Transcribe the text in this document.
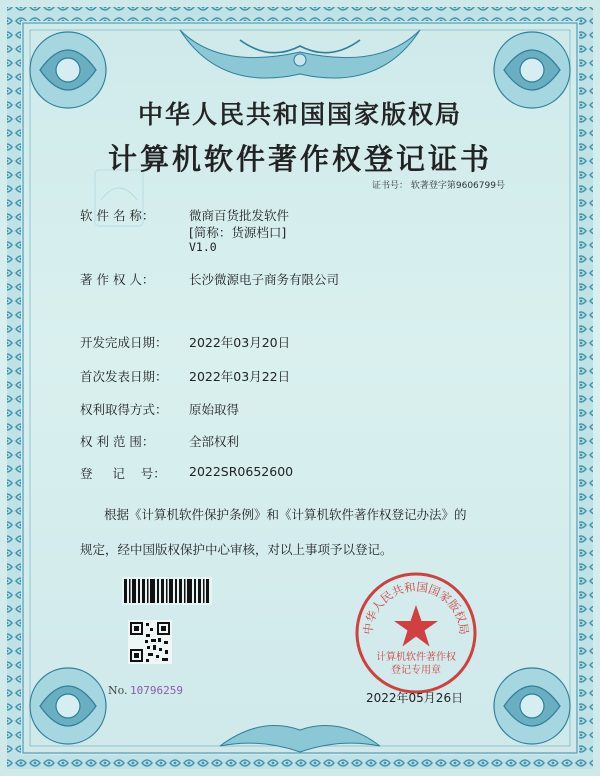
中华人民共和国国家版权局
计算机软件著作权登记证书
证书号： 软著登字第9606799号
软 件 名 称：	微商百货批发软件
[简称：货源档口]
V1.0
著 作 权 人：	长沙微源电子商务有限公司
开发完成日期： 2022年03月20日
首次发表日期： 2022年03月22日
权利取得方式： 原始取得
权 利 范 围：	全部权利
登     记    号： 2022SR0652600
根据《计算机软件保护条例》和《计算机软件著作权登记办法》的
规定，经中国版权保护中心审核，对以上事项予以登记。
No. 10796259
中华人民共和国国家版权局
计算机软件著作权
登记专用章
2022年05月26日
